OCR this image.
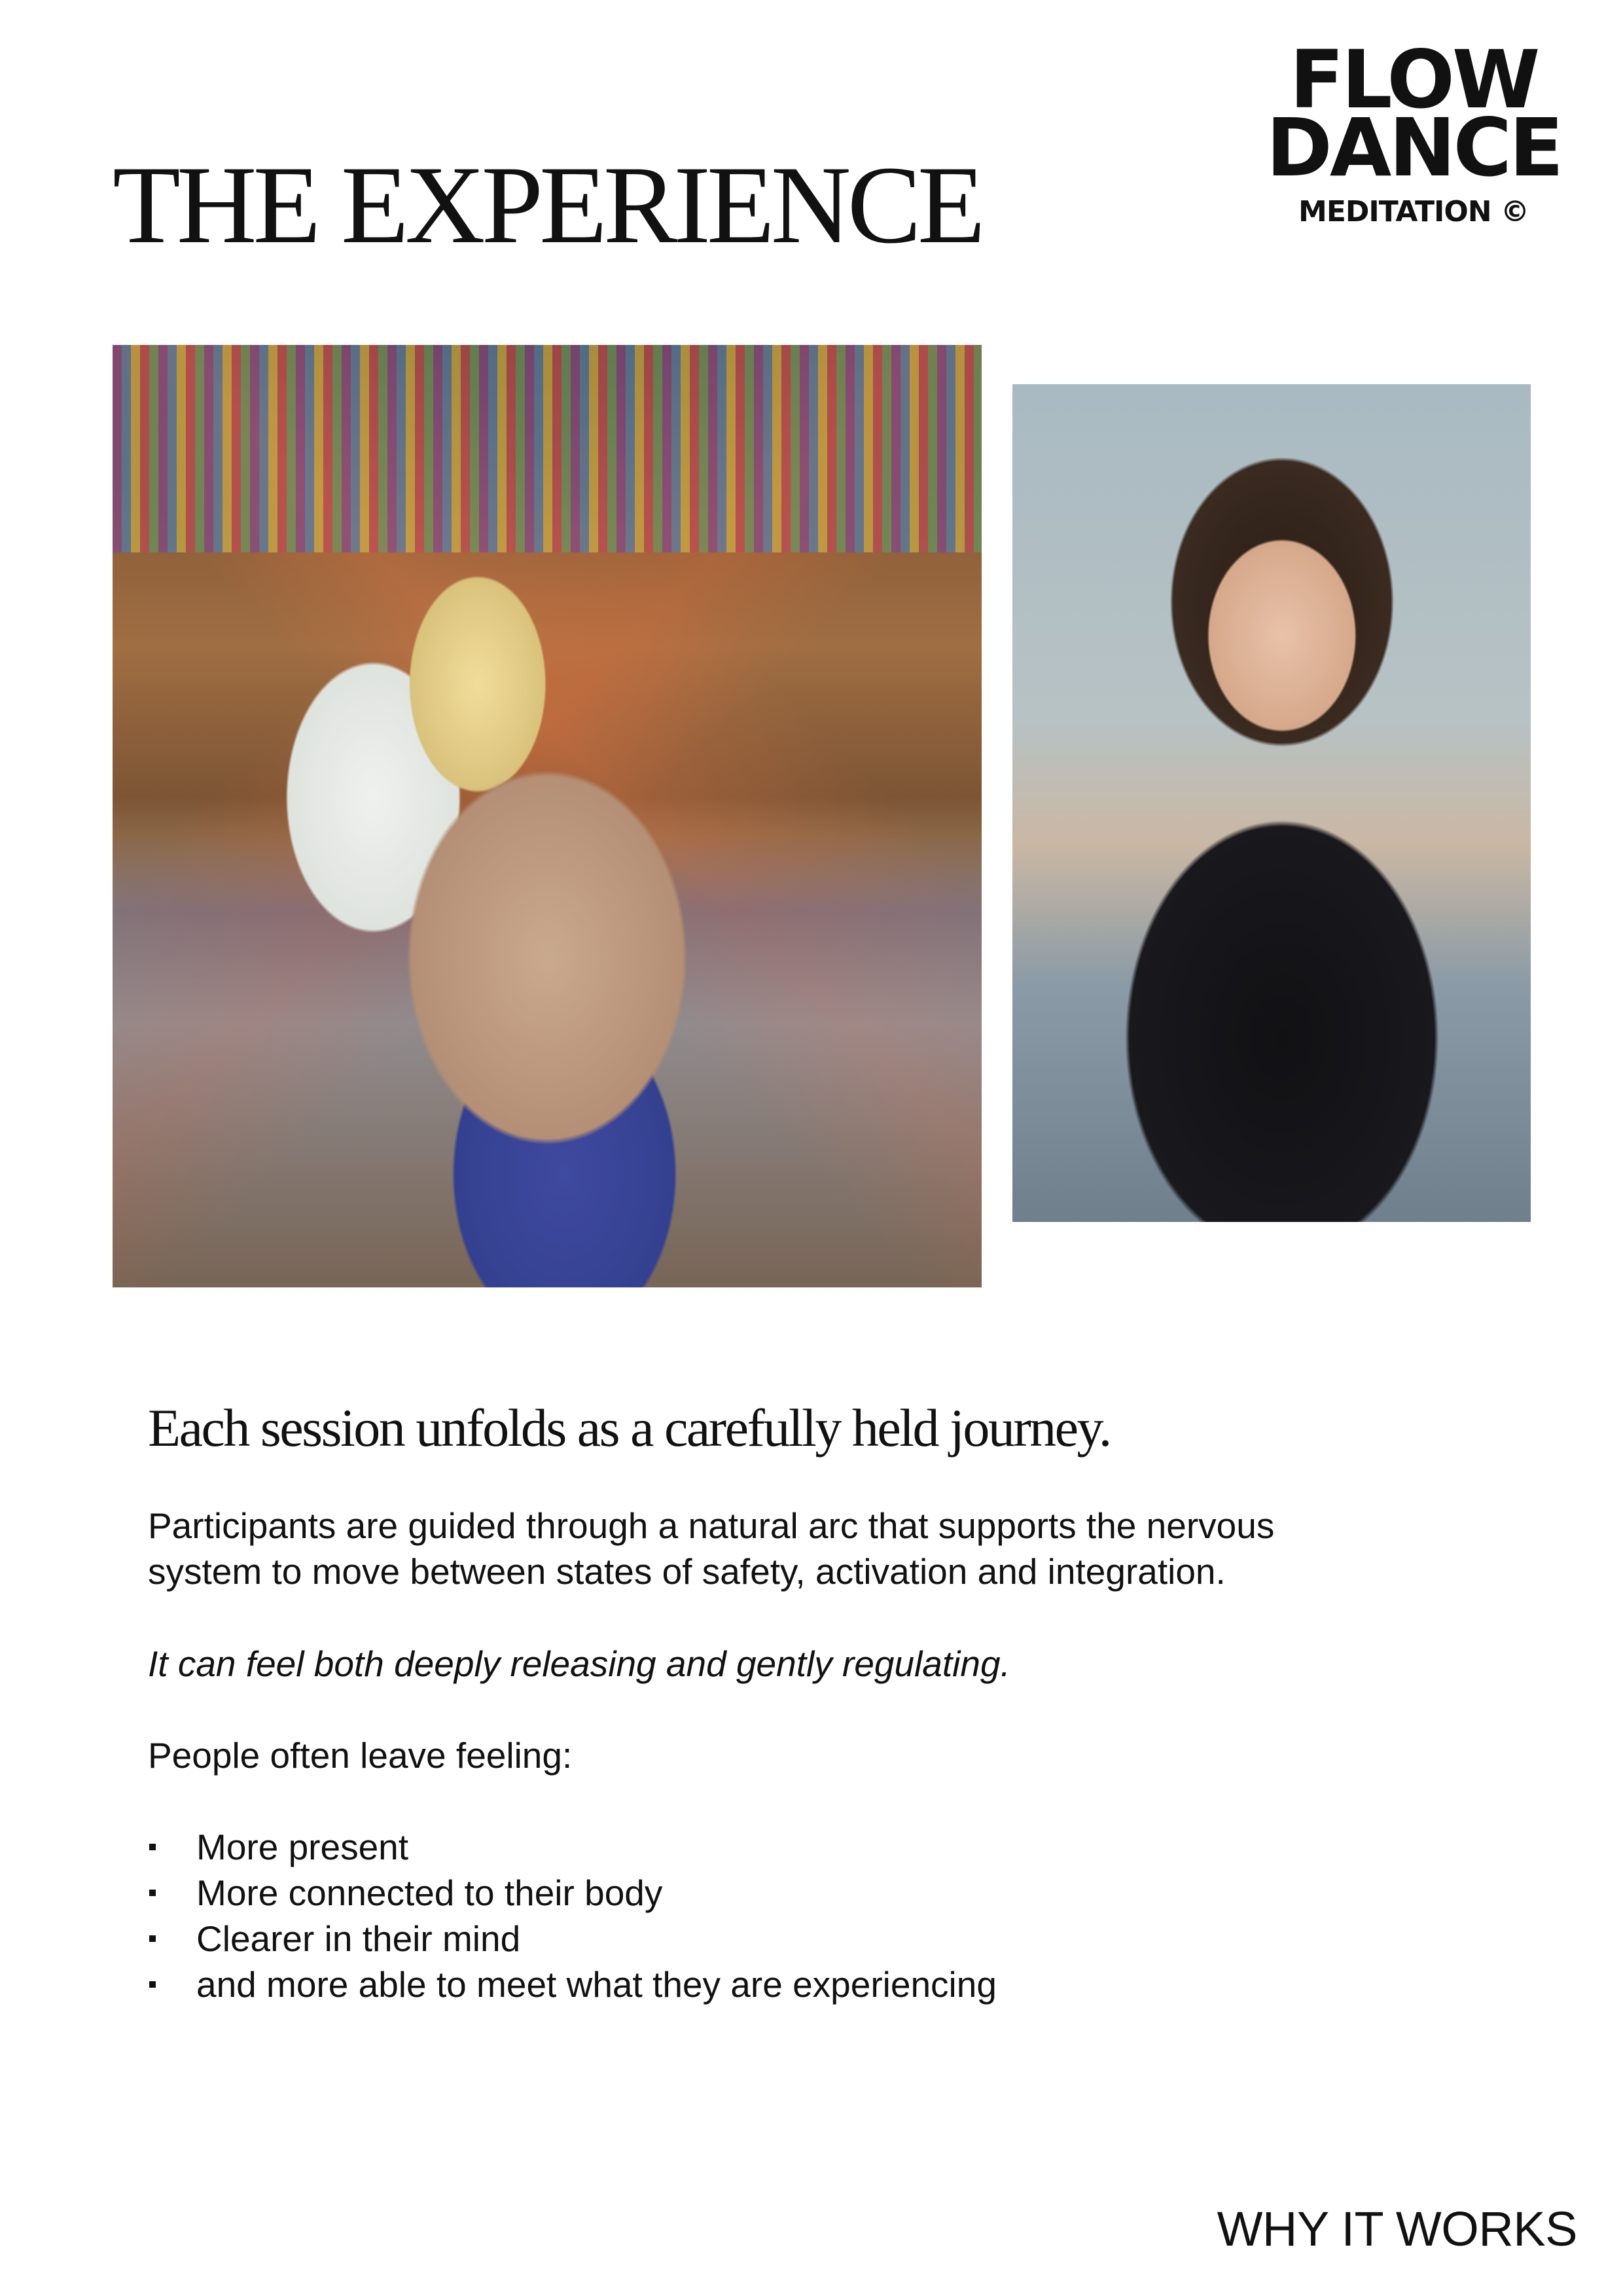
THE EXPERIENCE
FLOW
DANCE
MEDITATION ©
Each session unfolds as a carefully held journey.

Participants are guided through a natural arc that supports the nervous system to move between states of safety, activation and integration.

It can feel both deeply releasing and gently regulating.

People often leave feeling:

More present
More connected to their body
Clearer in their mind
and more able to meet what they are experiencing
WHY IT WORKS
